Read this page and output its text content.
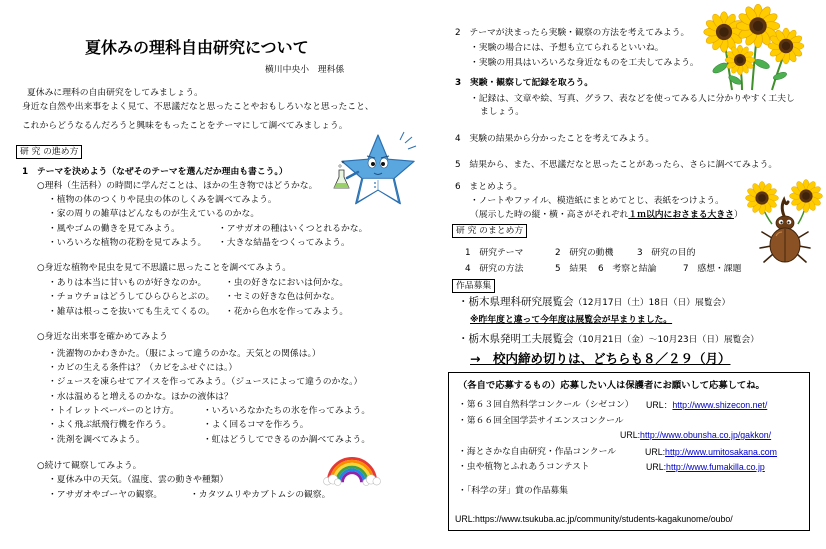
夏休みの理科自由研究について
横川中央小　理科係
夏休みに理科の自由研究をしてみましょう。
身近な自然や出来事をよく見て、不思議だなと思ったことやおもしろいなと思ったこと、
これからどうなるんだろうと興味をもったことをテーマにして調べてみましょう。
研 究 の進め方
1　テーマを決めよう（なぜそのテーマを選んだか理由も書こう。）
○理科（生活科）の時間に学んだことは、ほかの生き物ではどうかな。
・植物の体のつくりや昆虫の体のしくみを調べてみよう。
・家の周りの雑草はどんなものが生えているのかな。
・風やゴムの働きを見てみよう。	・アサガオの種はいくつとれるかな。
・いろいろな植物の花粉を見てみよう。 ・大きな結晶をつくってみよう。
○身近な植物や昆虫を見て不思議に思ったことを調べてみよう。
・ありは本当に甘いものが好きなのか。 ・虫の好きなにおいは何かな。
・チョウチョはどうしてひらひらとぶの。 ・セミの好きな色は何かな。
・雑草は根っこを抜いても生えてくるの。 ・花から色水を作ってみよう。
○身近な出来事を確かめてみよう
・洗濯物のかわきかた。（服によって違うのかな。天気との関係は。）
・カビの生える条件は？（カビをふせぐには。）
・ジュースを凍らせてアイスを作ってみよう。（ジュースによって違うのかな。）
・水は温めると増えるのかな。ほかの液体は？
・トイレットペーパーのとけ方。	・いろいろなかたちの氷を作ってみよう。
・よく飛ぶ紙飛行機を作ろう。	・よく回るコマを作ろう。
・洗剤を調べてみよう。	・虹はどうしてできるのか調べてみよう。
○続けて観察してみよう。
・夏休み中の天気。（温度、雲の動きや種類）
・アサガオやゴーヤの観察。	・カタツムリやカブトムシの観察。
2　テーマが決まったら実験・観察の方法を考えてみよう。
・実験の場合には、予想も立てられるといいね。
・実験の用具はいろいろな身近なものを工夫してみよう。
3　実験・観察して記録を取ろう。
・記録は、文章や絵、写真、グラフ、表などを使ってみる人に分かりやすく工夫し
ましょう。
4　実験の結果から分かったことを考えてみよう。
5　結果から、また、不思議だなと思ったことがあったら、さらに調べてみよう。
6　まとめよう。
・ノートやファイル、模造紙にまとめてとじ、表紙をつけよう。
（展示した時の縦・横・高さがそれぞれ１ｍ以内におさまる大きさ）
研 究 のまとめ方
1　研究テーマ	2　研究の動機	3　研究の目的
4　研究の方法	5　結果 6　考察と結論	7　感想・課題
作品募集
・栃木県理科研究展覧会（12月17日（土）18日（日）展覧会）
※昨年度と違って今年度は展覧会が早まりました。
・栃木県発明工夫展覧会（10月21日（金）～10月23日（日）展覧会）
→　校内締め切りは、どちらも８／２９（月）
（各自で応募するもの）応募したい人は保護者にお願いして応募してね。
・第６３回自然科学コンクール（シゼコン） URL：http://www.shizecon.net/
・第６６回全国学芸サイエンスコンクール
URL:http://www.obunsha.co.jp/gakkon/
・海とさかな自由研究・作品コンクール	URL:http://www.umitosakana.com
・虫や植物とふれあうコンテスト	URL:http://www.fumakilla.co.jp
・「科学の芽」賞の作品募集
URL:https://www.tsukuba.ac.jp/community/students-kagakunome/oubo/
